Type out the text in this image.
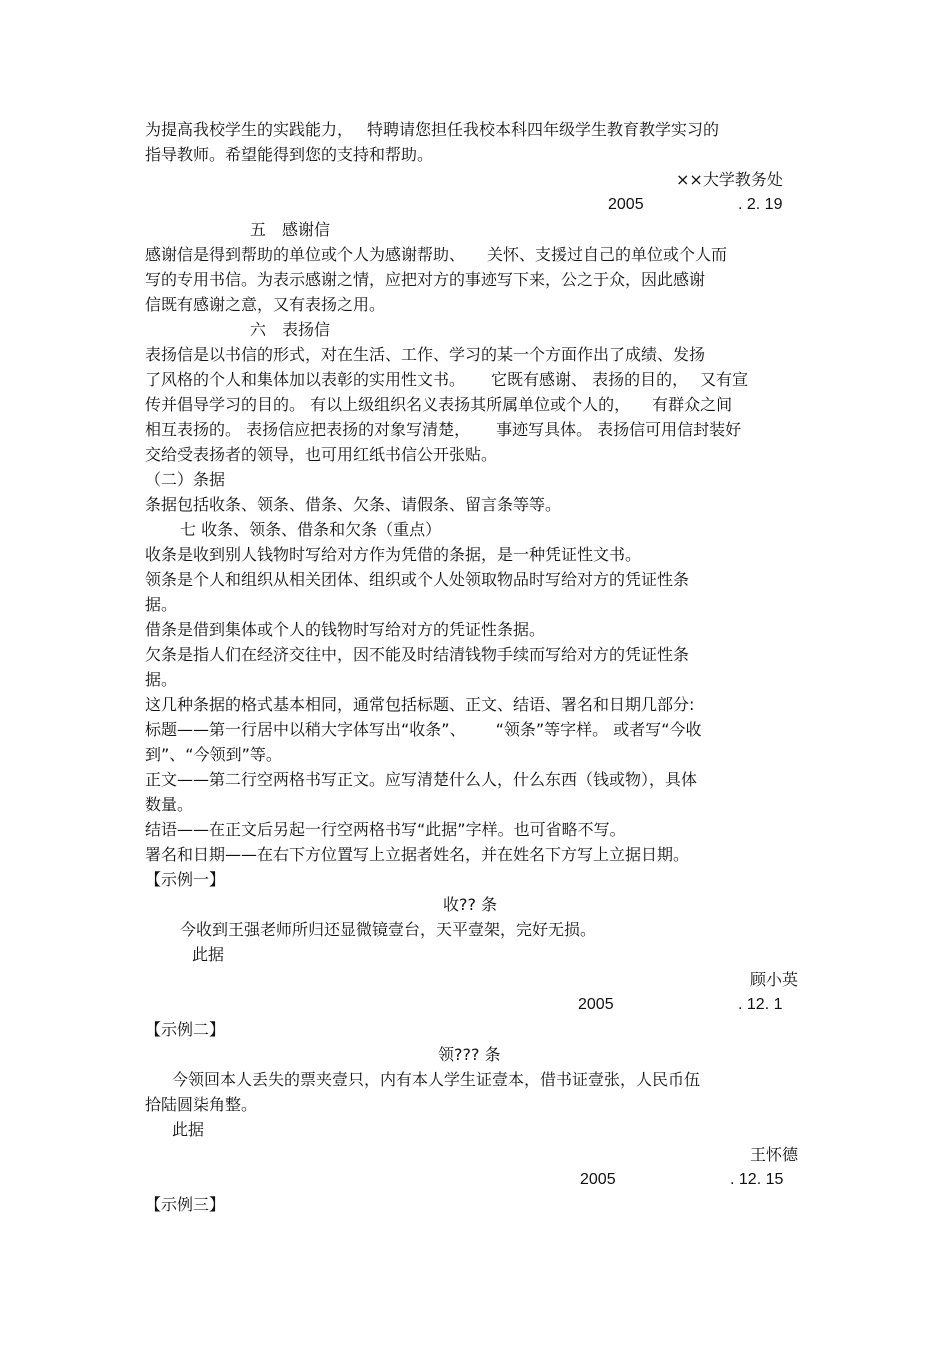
为提高我校学生的实践能力， 特聘请您担任我校本科四年级学生教育教学实习的
指导教师。希望能得到您的支持和帮助。
××大学教务处
2005	. 2. 19
五　感谢信
感谢信是得到帮助的单位或个人为感谢帮助、 关怀、支援过自己的单位或个人而
写的专用书信。为表示感谢之情，应把对方的事迹写下来，公之于众，因此感谢
信既有感谢之意，又有表扬之用。
六　表扬信
表扬信是以书信的形式，对在生活、工作、学习的某一个方面作出了成绩、发扬
了风格的个人和集体加以表彰的实用性文书。 它既有感谢、 表扬的目的， 又有宣
传并倡导学习的目的。 有以上级组织名义表扬其所属单位或个人的， 有群众之间
相互表扬的。 表扬信应把表扬的对象写清楚， 事迹写具体。 表扬信可用信封装好
交给受表扬者的领导，也可用红纸书信公开张贴。
（二）条据
条据包括收条、领条、借条、欠条、请假条、留言条等等。
七 收条、领条、借条和欠条（重点）
收条是收到别人钱物时写给对方作为凭借的条据，是一种凭证性文书。
领条是个人和组织从相关团体、组织或个人处领取物品时写给对方的凭证性条
据。
借条是借到集体或个人的钱物时写给对方的凭证性条据。
欠条是指人们在经济交往中，因不能及时结清钱物手续而写给对方的凭证性条
据。
这几种条据的格式基本相同，通常包括标题、正文、结语、署名和日期几部分:
标题——第一行居中以稍大字体写出“收条”、 “领条”等字样。 或者写“今收
到”、“今领到”等。
正文——第二行空两格书写正文。应写清楚什么人，什么东西（钱或物），具体
数量。
结语——在正文后另起一行空两格书写“此据”字样。也可省略不写。
署名和日期——在右下方位置写上立据者姓名，并在姓名下方写上立据日期。
【示例一】
收?? 条
今收到王强老师所归还显微镜壹台，天平壹架，完好无损。
此据
顾小英
2005	. 12. 1
【示例二】
领??? 条
今领回本人丢失的票夹壹只，内有本人学生证壹本，借书证壹张，人民币伍
拾陆圆柒角整。
此据
王怀德
2005	. 12. 15
【示例三】
